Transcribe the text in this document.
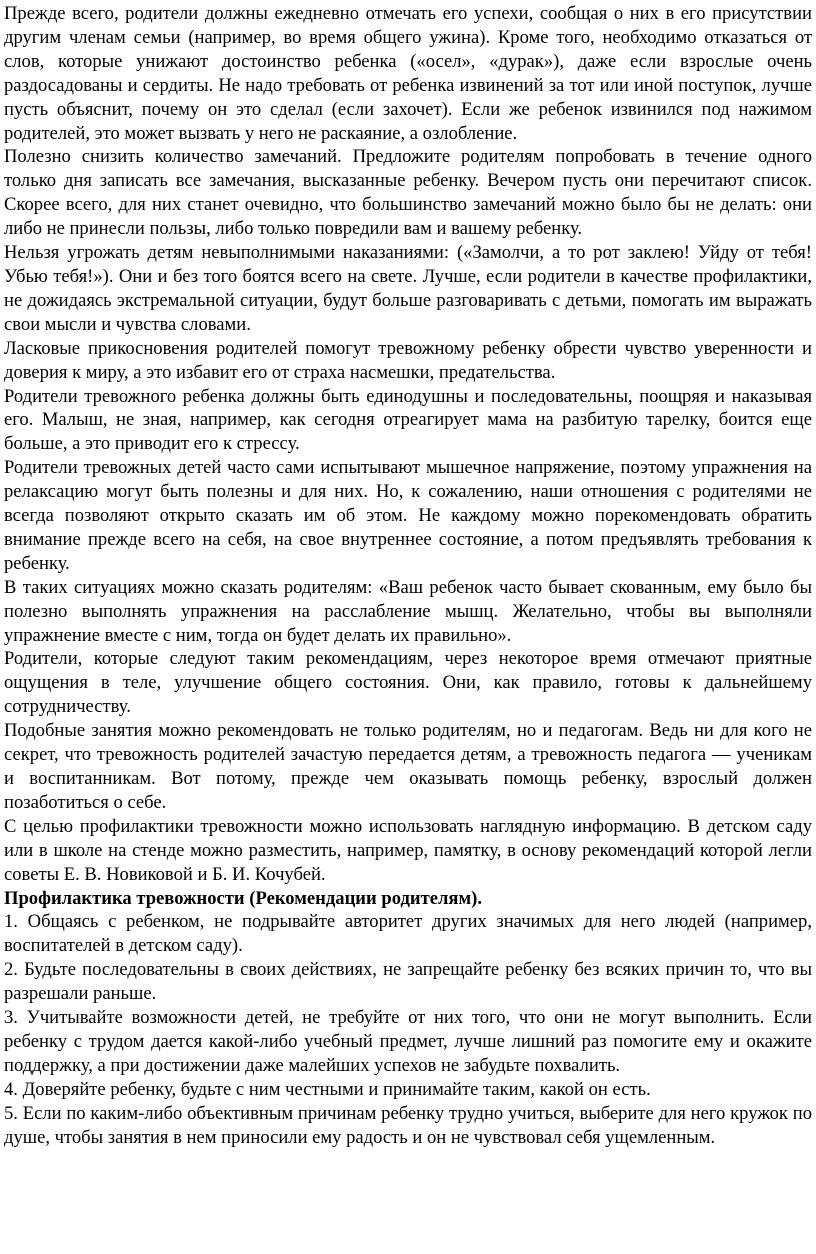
Прежде всего, родители должны ежедневно отмечать его успехи, сообщая о них в его присутствии другим членам семьи (например, во время общего ужина). Кроме того, необходимо отказаться от слов, которые унижают достоинство ребенка («осел», «дурак»), даже если взрослые очень раздосадованы и сердиты. Не надо требовать от ребенка извинений за тот или иной поступок, лучше пусть объяснит, почему он это сделал (если захочет). Если же ребенок извинился под нажимом родителей, это может вызвать у него не раскаяние, а озлобление.

Полезно снизить количество замечаний. Предложите родителям попробовать в течение одного только дня записать все замечания, высказанные ребенку. Вечером пусть они перечитают список. Скорее всего, для них станет очевидно, что большинство замечаний можно было бы не делать: они либо не принесли пользы, либо только повредили вам и вашему ребенку.

Нельзя угрожать детям невыполнимыми наказаниями: («Замолчи, а то рот заклею! Уйду от тебя! Убью тебя!»). Они и без того боятся всего на свете. Лучше, если родители в качестве профилактики, не дожидаясь экстремальной ситуации, будут больше разговаривать с детьми, помогать им выражать свои мысли и чувства словами.

Ласковые прикосновения родителей помогут тревожному ребенку обрести чувство уверенности и доверия к миру, а это избавит его от страха насмешки, предательства.

Родители тревожного ребенка должны быть единодушны и последовательны, поощряя и наказывая его. Малыш, не зная, например, как сегодня отреагирует мама на разбитую тарелку, боится еще больше, а это приводит его к стрессу.

Родители тревожных детей часто сами испытывают мышечное напряжение, поэтому упражнения на релаксацию могут быть полезны и для них. Но, к сожалению, наши отношения с родителями не всегда позволяют открыто сказать им об этом. Не каждому можно порекомендовать обратить внимание прежде всего на себя, на свое внутреннее состояние, а потом предъявлять требования к ребенку.

В таких ситуациях можно сказать родителям: «Ваш ребенок часто бывает скованным, ему было бы полезно выполнять упражнения на расслабление мышц. Желательно, чтобы вы выполняли упражнение вместе с ним, тогда он будет делать их правильно».

Родители, которые следуют таким рекомендациям, через некоторое время отмечают приятные ощущения в теле, улучшение общего состояния. Они, как правило, готовы к дальнейшему сотрудничеству.

Подобные занятия можно рекомендовать не только родителям, но и педагогам. Ведь ни для кого не секрет, что тревожность родителей зачастую передается детям, а тревожность педагога — ученикам и воспитанникам. Вот потому, прежде чем оказывать помощь ребенку, взрослый должен позаботиться о себе.

С целью профилактики тревожности можно использовать наглядную информацию. В детском саду или в школе на стенде можно разместить, например, памятку, в основу рекомендаций которой легли советы Е. В. Новиковой и Б. И. Кочубей.

Профилактика тревожности (Рекомендации родителям).
1. Общаясь с ребенком, не подрывайте авторитет других значимых для него людей (например, воспитателей в детском саду).
2. Будьте последовательны в своих действиях, не запрещайте ребенку без всяких причин то, что вы разрешали раньше.
3. Учитывайте возможности детей, не требуйте от них того, что они не могут выполнить. Если ребенку с трудом дается какой-либо учебный предмет, лучше лишний раз помогите ему и окажите поддержку, а при достижении даже малейших успехов не забудьте похвалить.
4. Доверяйте ребенку, будьте с ним честными и принимайте таким, какой он есть.
5. Если по каким-либо объективным причинам ребенку трудно учиться, выберите для него кружок по душе, чтобы занятия в нем приносили ему радость и он не чувствовал себя ущемленным.
